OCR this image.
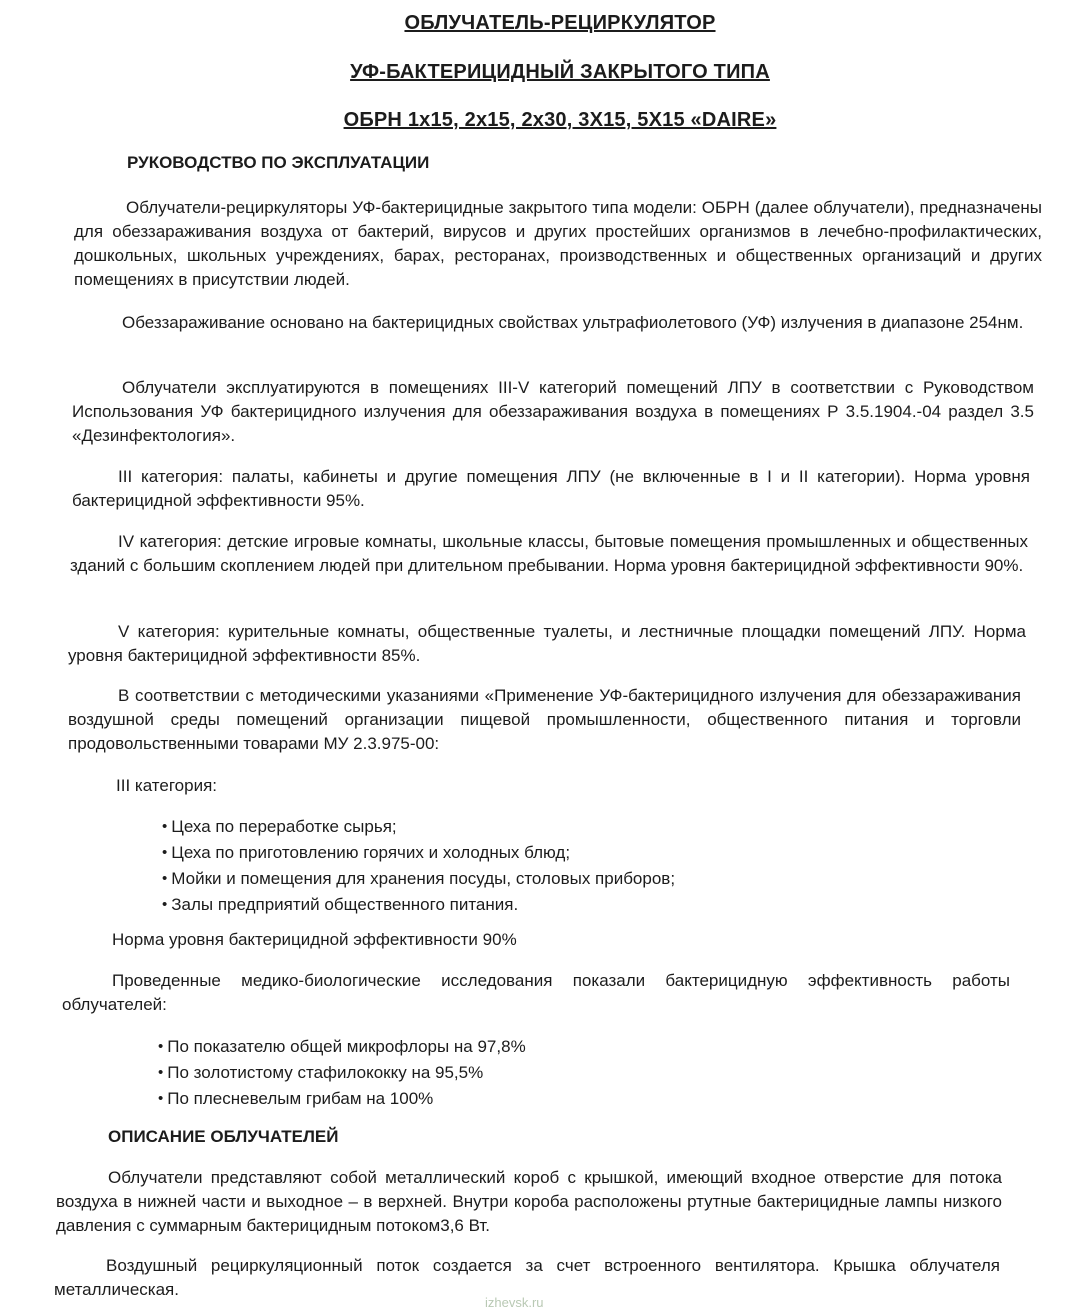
ОБЛУЧАТЕЛЬ-РЕЦИРКУЛЯТОР
УФ-БАКТЕРИЦИДНЫЙ ЗАКРЫТОГО ТИПА
ОБРН 1х15, 2х15, 2х30, 3Х15, 5Х15 «DAIRE»
РУКОВОДСТВО ПО ЭКСПЛУАТАЦИИ

Облучатели-рециркуляторы УФ-бактерицидные закрытого типа модели: ОБРН (далее облучатели), предназначены для обеззараживания воздуха от бактерий, вирусов и других простейших организмов в лечебно-профилактических, дошкольных, школьных учреждениях, барах, ресторанах, производственных и общественных организаций и других помещениях в присутствии людей.

Обеззараживание основано на бактерицидных свойствах ультрафиолетового (УФ) излучения в диапазоне 254нм.

Облучатели эксплуатируются в помещениях III-V категорий помещений ЛПУ в соответствии с Руководством Использования УФ бактерицидного излучения для обеззараживания воздуха в помещениях Р 3.5.1904.-04 раздел 3.5 «Дезинфектология».

III категория: палаты, кабинеты и другие помещения ЛПУ (не включенные в I и II категории). Норма уровня бактерицидной эффективности 95%.

IV категория: детские игровые комнаты, школьные классы, бытовые помещения промышленных и общественных зданий с большим скоплением людей при длительном пребывании. Норма уровня бактерицидной эффективности 90%.

V категория: курительные комнаты, общественные туалеты, и лестничные площадки помещений ЛПУ. Норма уровня бактерицидной эффективности 85%.

В соответствии с методическими указаниями «Применение УФ-бактерицидного излучения для обеззараживания воздушной среды помещений организации пищевой промышленности, общественного питания и торговли продовольственными товарами МУ 2.3.975-00:

III категория:

• Цеха по переработке сырья;
• Цеха по приготовлению горячих и холодных блюд;
• Мойки и помещения для хранения посуды, столовых приборов;
• Залы предприятий общественного питания.

Норма уровня бактерицидной эффективности 90%

Проведенные медико-биологические исследования показали бактерицидную эффективность работы облучателей:

• По показателю общей микрофлоры на 97,8%
• По золотистому стафилококку на 95,5%
• По плесневелым грибам на 100%
ОПИСАНИЕ ОБЛУЧАТЕЛЕЙ

Облучатели представляют собой металлический короб с крышкой, имеющий входное отверстие для потока воздуха в нижней части и выходное – в верхней. Внутри короба расположены ртутные бактерицидные лампы низкого давления с суммарным бактерицидным потоком3,6 Вт.

Воздушный рециркуляционный поток создается за счет встроенного вентилятора. Крышка облучателя металлическая.

izhevsk.ru
